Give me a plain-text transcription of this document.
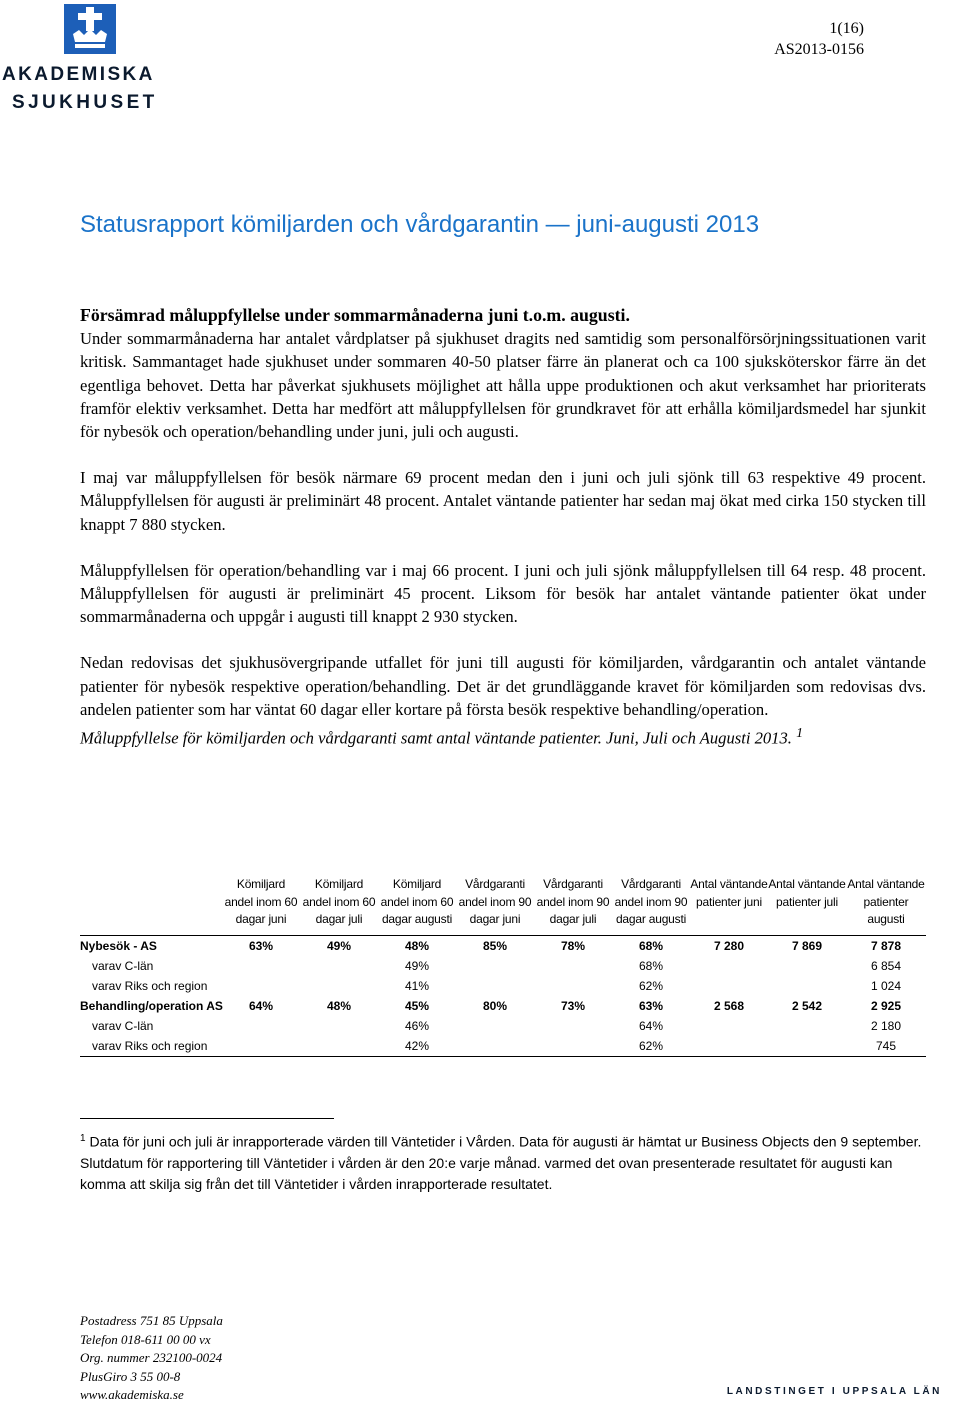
AKADEMISKA
SJUKHUSET
1(16)
AS2013-0156
Statusrapport kömiljarden och vårdgarantin — juni-augusti 2013
Försämrad måluppfyllelse under sommarmånaderna juni t.o.m. augusti.

Under sommarmånaderna har antalet vårdplatser på sjukhuset dragits ned samtidig som personalförsörjningssituationen varit kritisk. Sammantaget hade sjukhuset under sommaren 40-50 platser färre än planerat och ca 100 sjuksköterskor färre än det egentliga behovet. Detta har påverkat sjukhusets möjlighet att hålla uppe produktionen och akut verksamhet har prioriterats framför elektiv verksamhet. Detta har medfört att måluppfyllelsen för grundkravet för att erhålla kömiljardsmedel har sjunkit för nybesök och operation/behandling under juni, juli och augusti.

I maj var måluppfyllelsen för besök närmare 69 procent medan den i juni och juli sjönk till 63 respektive 49 procent. Måluppfyllelsen för augusti är preliminärt 48 procent. Antalet väntande patienter har sedan maj ökat med cirka 150 stycken till knappt 7 880 stycken.

Måluppfyllelsen för operation/behandling var i maj 66 procent. I juni och juli sjönk måluppfyllelsen till 64 resp. 48 procent. Måluppfyllelsen för augusti är preliminärt 45 procent. Liksom för besök har antalet väntande patienter ökat under sommarmånaderna och uppgår i augusti till knappt 2 930 stycken.

Nedan redovisas det sjukhusövergripande utfallet för juni till augusti för kömiljarden, vårdgarantin och antalet väntande patienter för nybesök respektive operation/behandling. Det är det grundläggande kravet för kömiljarden som redovisas dvs. andelen patienter som har väntat 60 dagar eller kortare på första besök respektive behandling/operation.

Måluppfyllelse för kömiljarden och vårdgaranti samt antal väntande patienter. Juni, Juli och Augusti 2013. $^1$

	Kömiljard andel inom 60 dagar juni	Kömiljard andel inom 60 dagar juli	Kömiljard andel inom 60 dagar augusti	Vårdgaranti andel inom 90 dagar juni	Vårdgaranti andel inom 90 dagar juli	Vårdgaranti andel inom 90 dagar augusti	Antal väntande patienter juni	Antal väntande patienter juli	Antal väntande patienter augusti
Nybesök - AS	63%	49%	48%	85%	78%	68%	7 280	7 869	7 878
varav C-län			49%			68%			6 854
varav Riks och region			41%			62%			1 024
Behandling/operation AS	64%	48%	45%	80%	73%	63%	2 568	2 542	2 925
varav C-län			46%			64%			2 180
varav Riks och region			42%			62%			745
$^1$ Data för juni och juli är inrapporterade värden till Väntetider i Vården. Data för augusti är hämtat ur Business Objects den 9 september. Slutdatum för rapportering till Väntetider i vården är den 20:e varje månad. varmed det ovan presenterade resultatet för augusti kan komma att skilja sig från det till Väntetider i vården inrapporterade resultatet.
Postadress 751 85 Uppsala
Telefon 018-611 00 00 vx
Org. nummer 232100-0024
PlusGiro 3 55 00-8
www.akademiska.se	LANDSTINGET I UPPSALA LÄN
